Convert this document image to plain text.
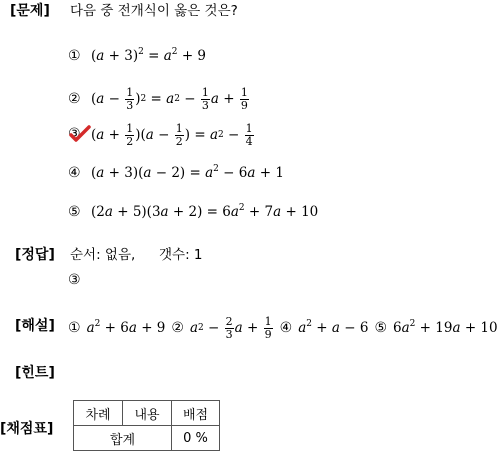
[문제]
[정답]
[해설]
[힌트]
[채점표]
다음 중 전개식이 옳은 것은?
① $(a + 3)^2 = a^2 + 9$
② ( $a - \frac{1}{3}$ ) 2 = a $2 - \frac{1}{3}$ $a + \frac{1}{9}$
③ ( $a + \frac{1}{2}$ )( $a - \frac{1}{2}$ ) = a $2 - \frac{1}{4}$
④ $(a + 3)(a - 2) = a^2 - 6a + 1$
⑤ $(2a + 5)(3a + 2) = 6a^2 + 7a + 10$
순서: 없음, 갯수: 1
③
① $a^2 + 6a + 9$ ② a $2 - \frac{2}{3}$ $a + \frac{1}{9}$ ④ $a^2 + a - 6$ ⑤ $6a^2 + 19a + 10$
차례	내용	배점
합계		0 %
